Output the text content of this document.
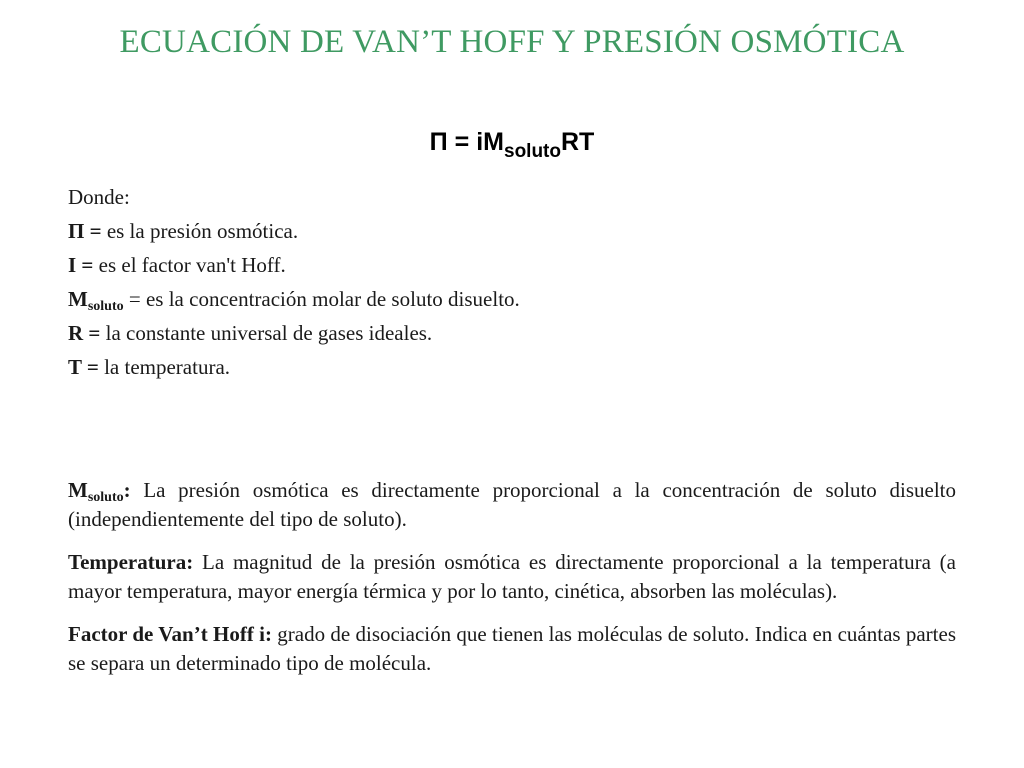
ECUACIÓN DE VAN’T HOFF Y PRESIÓN OSMÓTICA
$\Pi = iM_{soluto}RT$
Donde:
Π = es la presión osmótica.
I = es el factor van't Hoff.
Msoluto = es la concentración molar de soluto disuelto.
R = la constante universal de gases ideales.
T = la temperatura.

Msoluto: La presión osmótica es directamente proporcional a la concentración de soluto disuelto (independientemente del tipo de soluto).

Temperatura: La magnitud de la presión osmótica es directamente proporcional a la temperatura (a mayor temperatura, mayor energía térmica y por lo tanto, cinética, absorben las moléculas).

Factor de Van’t Hoff i: grado de disociación que tienen las moléculas de soluto. Indica en cuántas partes se separa un determinado tipo de molécula.
